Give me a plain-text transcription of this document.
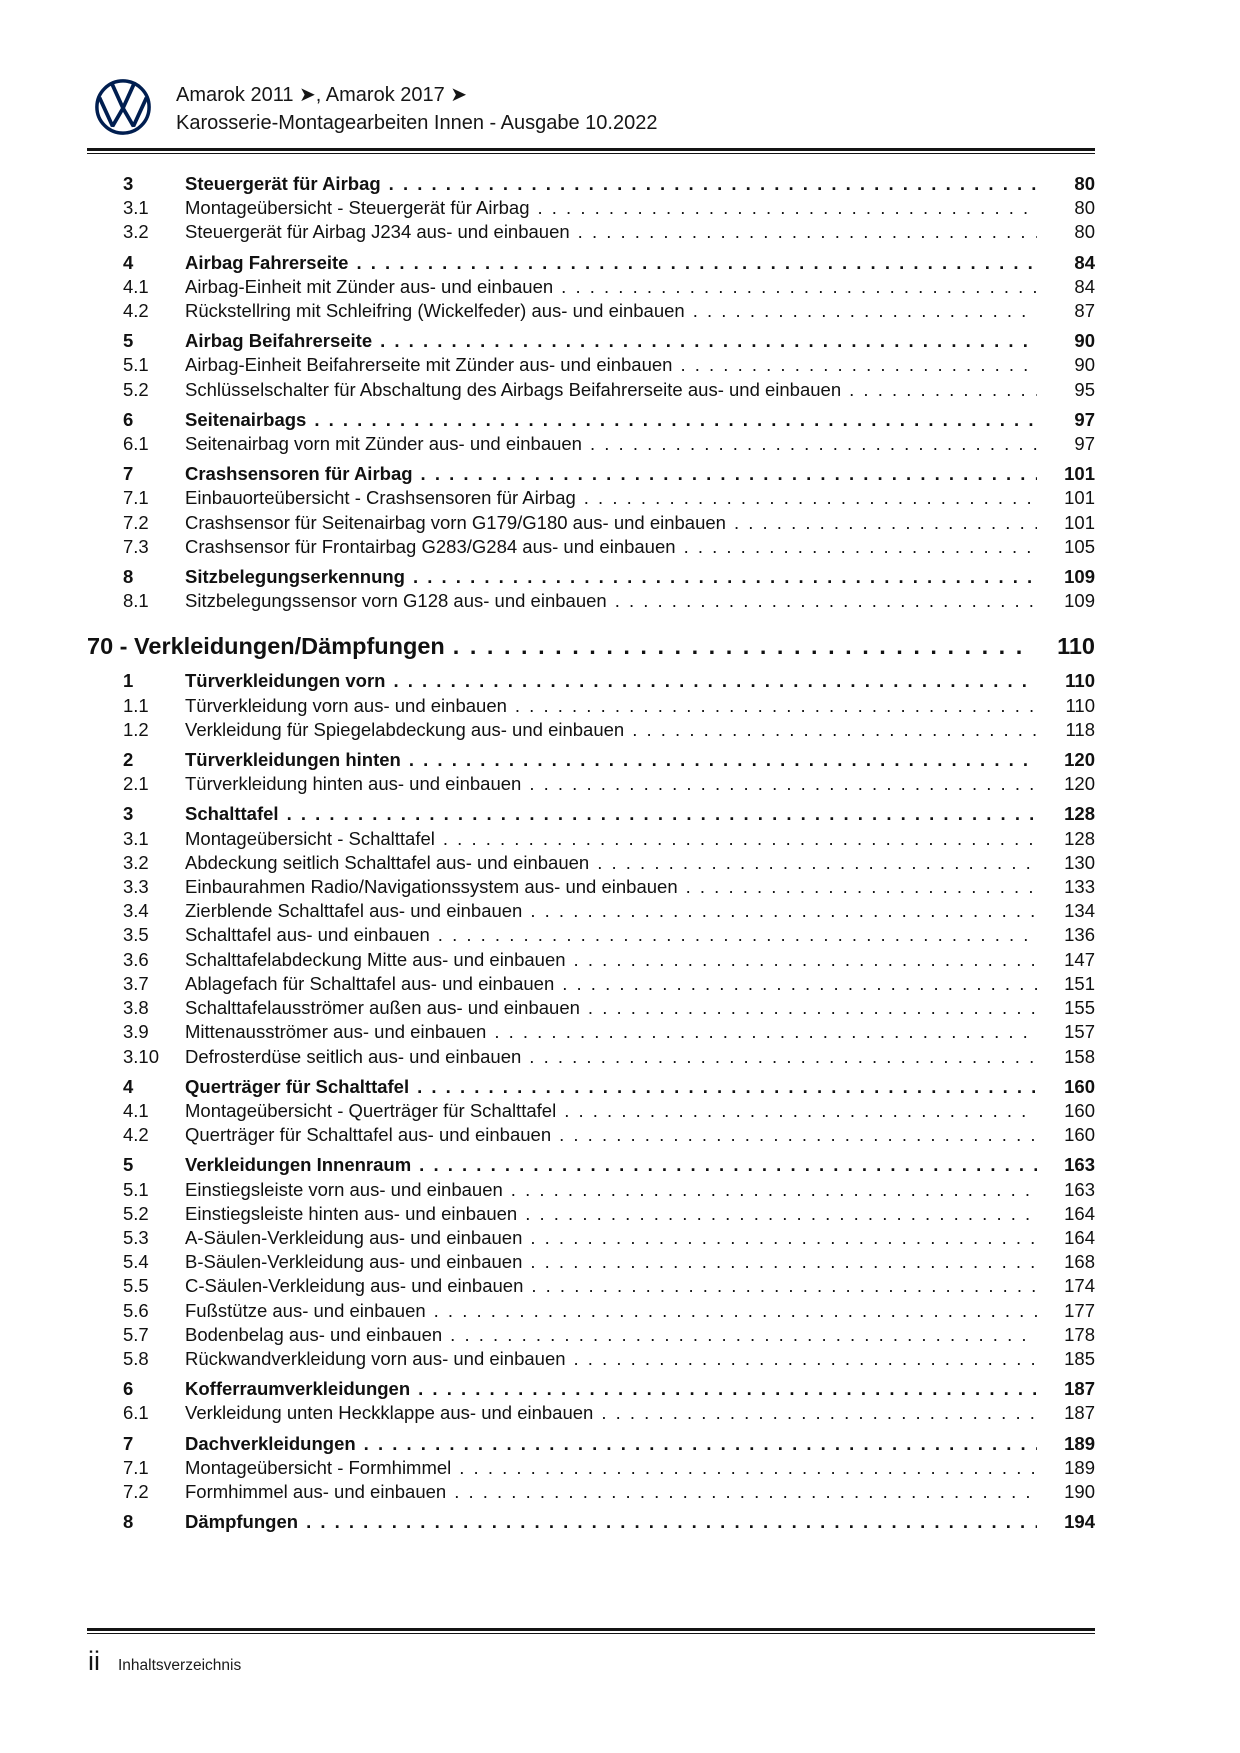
Amarok 2011 ➤, Amarok 2017 ➤
Karosserie-Montagearbeiten Innen - Ausgabe 10.2022
3	Steuergerät für Airbag . . .	80
3.1	Montageübersicht - Steuergerät für Airbag . . .	80
3.2	Steuergerät für Airbag J234 aus- und einbauen . . .	80
4	Airbag Fahrerseite . . .	84
4.1	Airbag-Einheit mit Zünder aus- und einbauen . . .	84
4.2	Rückstellring mit Schleifring (Wickelfeder) aus- und einbauen . . .	87
5	Airbag Beifahrerseite . . .	90
5.1	Airbag-Einheit Beifahrerseite mit Zünder aus- und einbauen . . .	90
5.2	Schlüsselschalter für Abschaltung des Airbags Beifahrerseite aus- und einbauen . . .	95
6	Seitenairbags . . .	97
6.1	Seitenairbag vorn mit Zünder aus- und einbauen . . .	97
7	Crashsensoren für Airbag . . .	101
7.1	Einbauorteübersicht - Crashsensoren für Airbag . . .	101
7.2	Crashsensor für Seitenairbag vorn G179/G180 aus- und einbauen . . .	101
7.3	Crashsensor für Frontairbag G283/G284 aus- und einbauen . . .	105
8	Sitzbelegungserkennung . . .	109
8.1	Sitzbelegungssensor vorn G128 aus- und einbauen . . .	109
70 - Verkleidungen/Dämpfungen . . .	110
1	Türverkleidungen vorn . . .	110
1.1	Türverkleidung vorn aus- und einbauen . . .	110
1.2	Verkleidung für Spiegelabdeckung aus- und einbauen . . .	118
2	Türverkleidungen hinten . . .	120
2.1	Türverkleidung hinten aus- und einbauen . . .	120
3	Schalttafel . . .	128
3.1	Montageübersicht - Schalttafel . . .	128
3.2	Abdeckung seitlich Schalttafel aus- und einbauen . . .	130
3.3	Einbaurahmen Radio/Navigationssystem aus- und einbauen . . .	133
3.4	Zierblende Schalttafel aus- und einbauen . . .	134
3.5	Schalttafel aus- und einbauen . . .	136
3.6	Schalttafelabdeckung Mitte aus- und einbauen . . .	147
3.7	Ablagefach für Schalttafel aus- und einbauen . . .	151
3.8	Schalttafelausströmer außen aus- und einbauen . . .	155
3.9	Mittenausströmer aus- und einbauen . . .	157
3.10	Defrosterdüse seitlich aus- und einbauen . . .	158
4	Querträger für Schalttafel . . .	160
4.1	Montageübersicht - Querträger für Schalttafel . . .	160
4.2	Querträger für Schalttafel aus- und einbauen . . .	160
5	Verkleidungen Innenraum . . .	163
5.1	Einstiegsleiste vorn aus- und einbauen . . .	163
5.2	Einstiegsleiste hinten aus- und einbauen . . .	164
5.3	A-Säulen-Verkleidung aus- und einbauen . . .	164
5.4	B-Säulen-Verkleidung aus- und einbauen . . .	168
5.5	C-Säulen-Verkleidung aus- und einbauen . . .	174
5.6	Fußstütze aus- und einbauen . . .	177
5.7	Bodenbelag aus- und einbauen . . .	178
5.8	Rückwandverkleidung vorn aus- und einbauen . . .	185
6	Kofferraumverkleidungen . . .	187
6.1	Verkleidung unten Heckklappe aus- und einbauen . . .	187
7	Dachverkleidungen . . .	189
7.1	Montageübersicht - Formhimmel . . .	189
7.2	Formhimmel aus- und einbauen . . .	190
8	Dämpfungen . . .	194
ii Inhaltsverzeichnis
